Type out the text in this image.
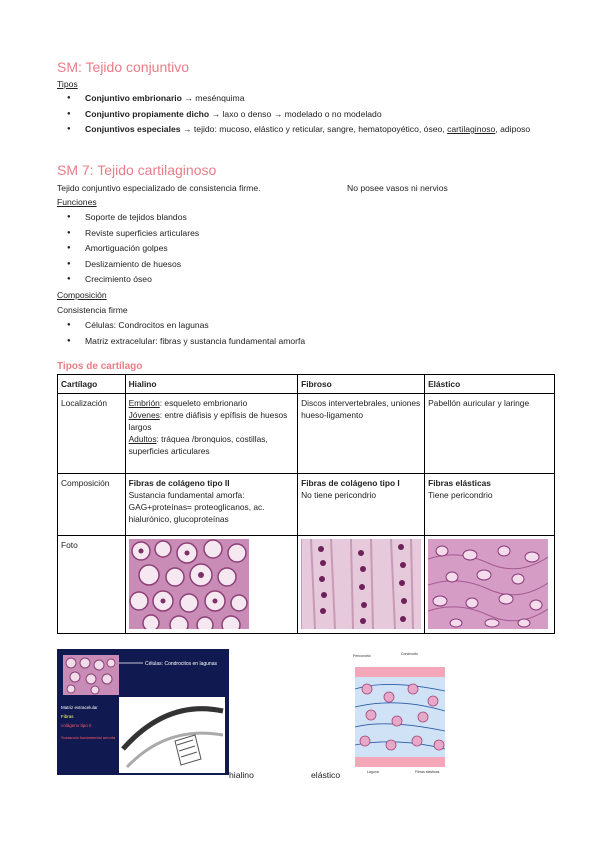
SM: Tejido conjuntivo
Tipos
● Conjuntivo embrionario → mesénquima
● Conjuntivo propiamente dicho → laxo o denso → modelado o no modelado
● Conjuntivos especiales → tejido: mucoso, elástico y reticular, sangre, hematopoyético, óseo, cartilaginoso, adiposo
SM 7: Tejido cartilaginoso
Tejido conjuntivo especializado de consistencia firme.	No posee vasos ni nervios
Funciones
● Soporte de tejidos blandos
● Reviste superficies articulares
● Amortiguación golpes
● Deslizamiento de huesos
● Crecimiento óseo
Composición
Consistencia firme
● Células: Condrocitos en lagunas
● Matriz extracelular: fibras y sustancia fundamental amorfa
Tipos de cartílago
Cartílago	Hialino	Fibroso	Elástico
Localización	Embrión: esqueleto embrionario
Jóvenes: entre diáfisis y epífisis de huesos largos
Adultos: tráquea /bronquios, costillas, superficies articulares	Discos intervertebrales, uniones hueso-ligamento	Pabellón auricular y laringe
Composición	Fibras de colágeno tipo II
Sustancia fundamental amorfa: GAG+proteínas= proteoglicanos, ac. hialurónico, glucoproteínas	Fibras de colágeno tipo I
No tiene pericondrio	Fibras elásticas
Tiene pericondrio
Foto	

Células: Condrocitos en lagunas
Matriz extracelular
Fibras
colágeno tipo II
Sustancia fundamental amorfa
hialino	elástico
Pericondrio	Condrocito
Laguna	Fibras elásticas
